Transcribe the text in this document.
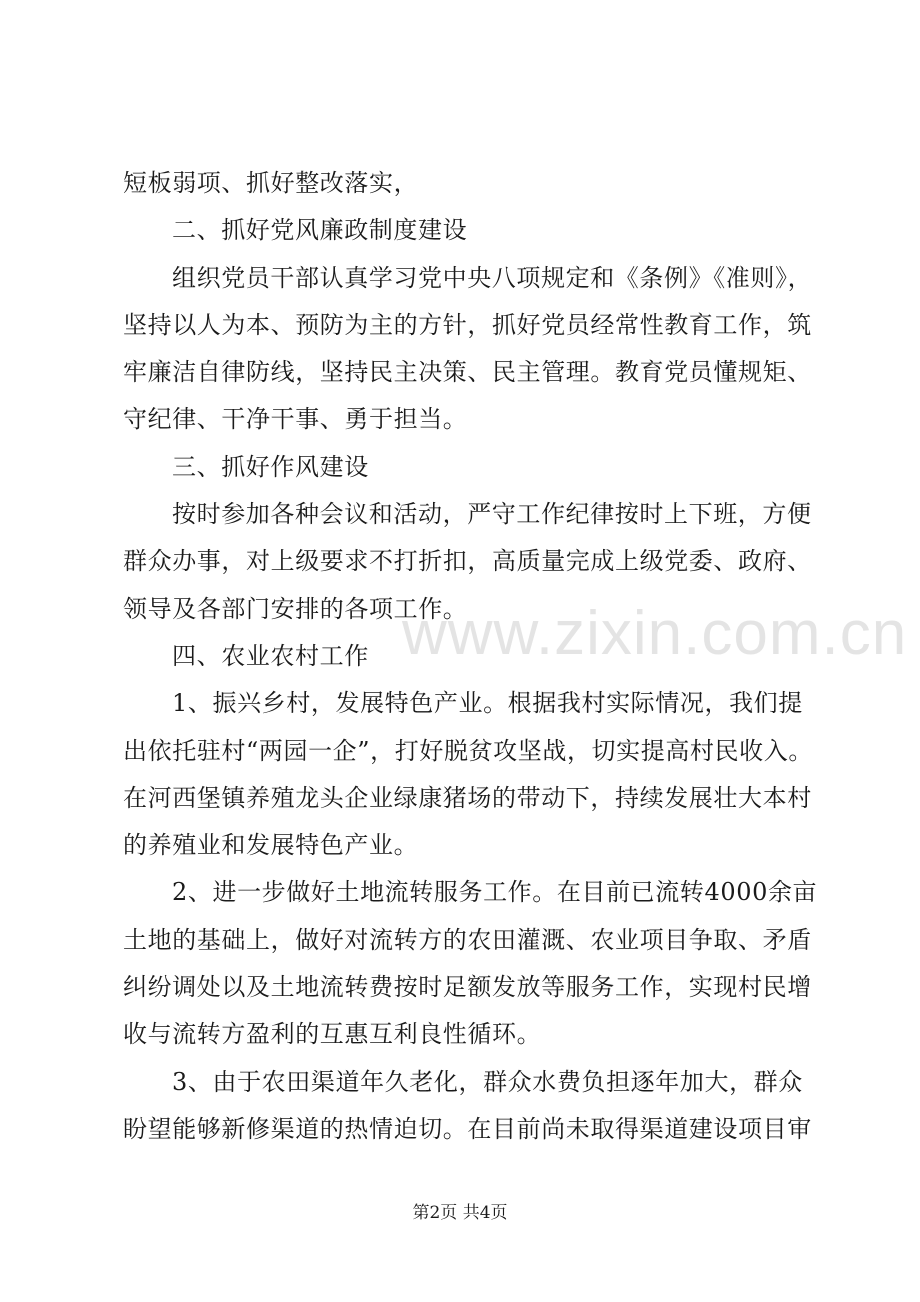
短板弱项、抓好整改落实，
二、抓好党风廉政制度建设
组织党员干部认真学习党中央八项规定和《条例》《准则》，
坚持以人为本、预防为主的方针，抓好党员经常性教育工作，筑
牢廉洁自律防线，坚持民主决策、民主管理。教育党员懂规矩、
守纪律、干净干事、勇于担当。
三、抓好作风建设
按时参加各种会议和活动，严守工作纪律按时上下班，方便
群众办事，对上级要求不打折扣，高质量完成上级党委、政府、
领导及各部门安排的各项工作。
四、农业农村工作
1、振兴乡村，发展特色产业。根据我村实际情况，我们提
出依托驻村“两园一企”，打好脱贫攻坚战，切实提高村民收入。
在河西堡镇养殖龙头企业绿康猪场的带动下，持续发展壮大本村
的养殖业和发展特色产业。
2、进一步做好土地流转服务工作。在目前已流转4000余亩
土地的基础上，做好对流转方的农田灌溉、农业项目争取、矛盾
纠纷调处以及土地流转费按时足额发放等服务工作，实现村民增
收与流转方盈利的互惠互利良性循环。
3、由于农田渠道年久老化，群众水费负担逐年加大，群众
盼望能够新修渠道的热情迫切。在目前尚未取得渠道建设项目审
www.zixin.com.cn
第2页 共4页
